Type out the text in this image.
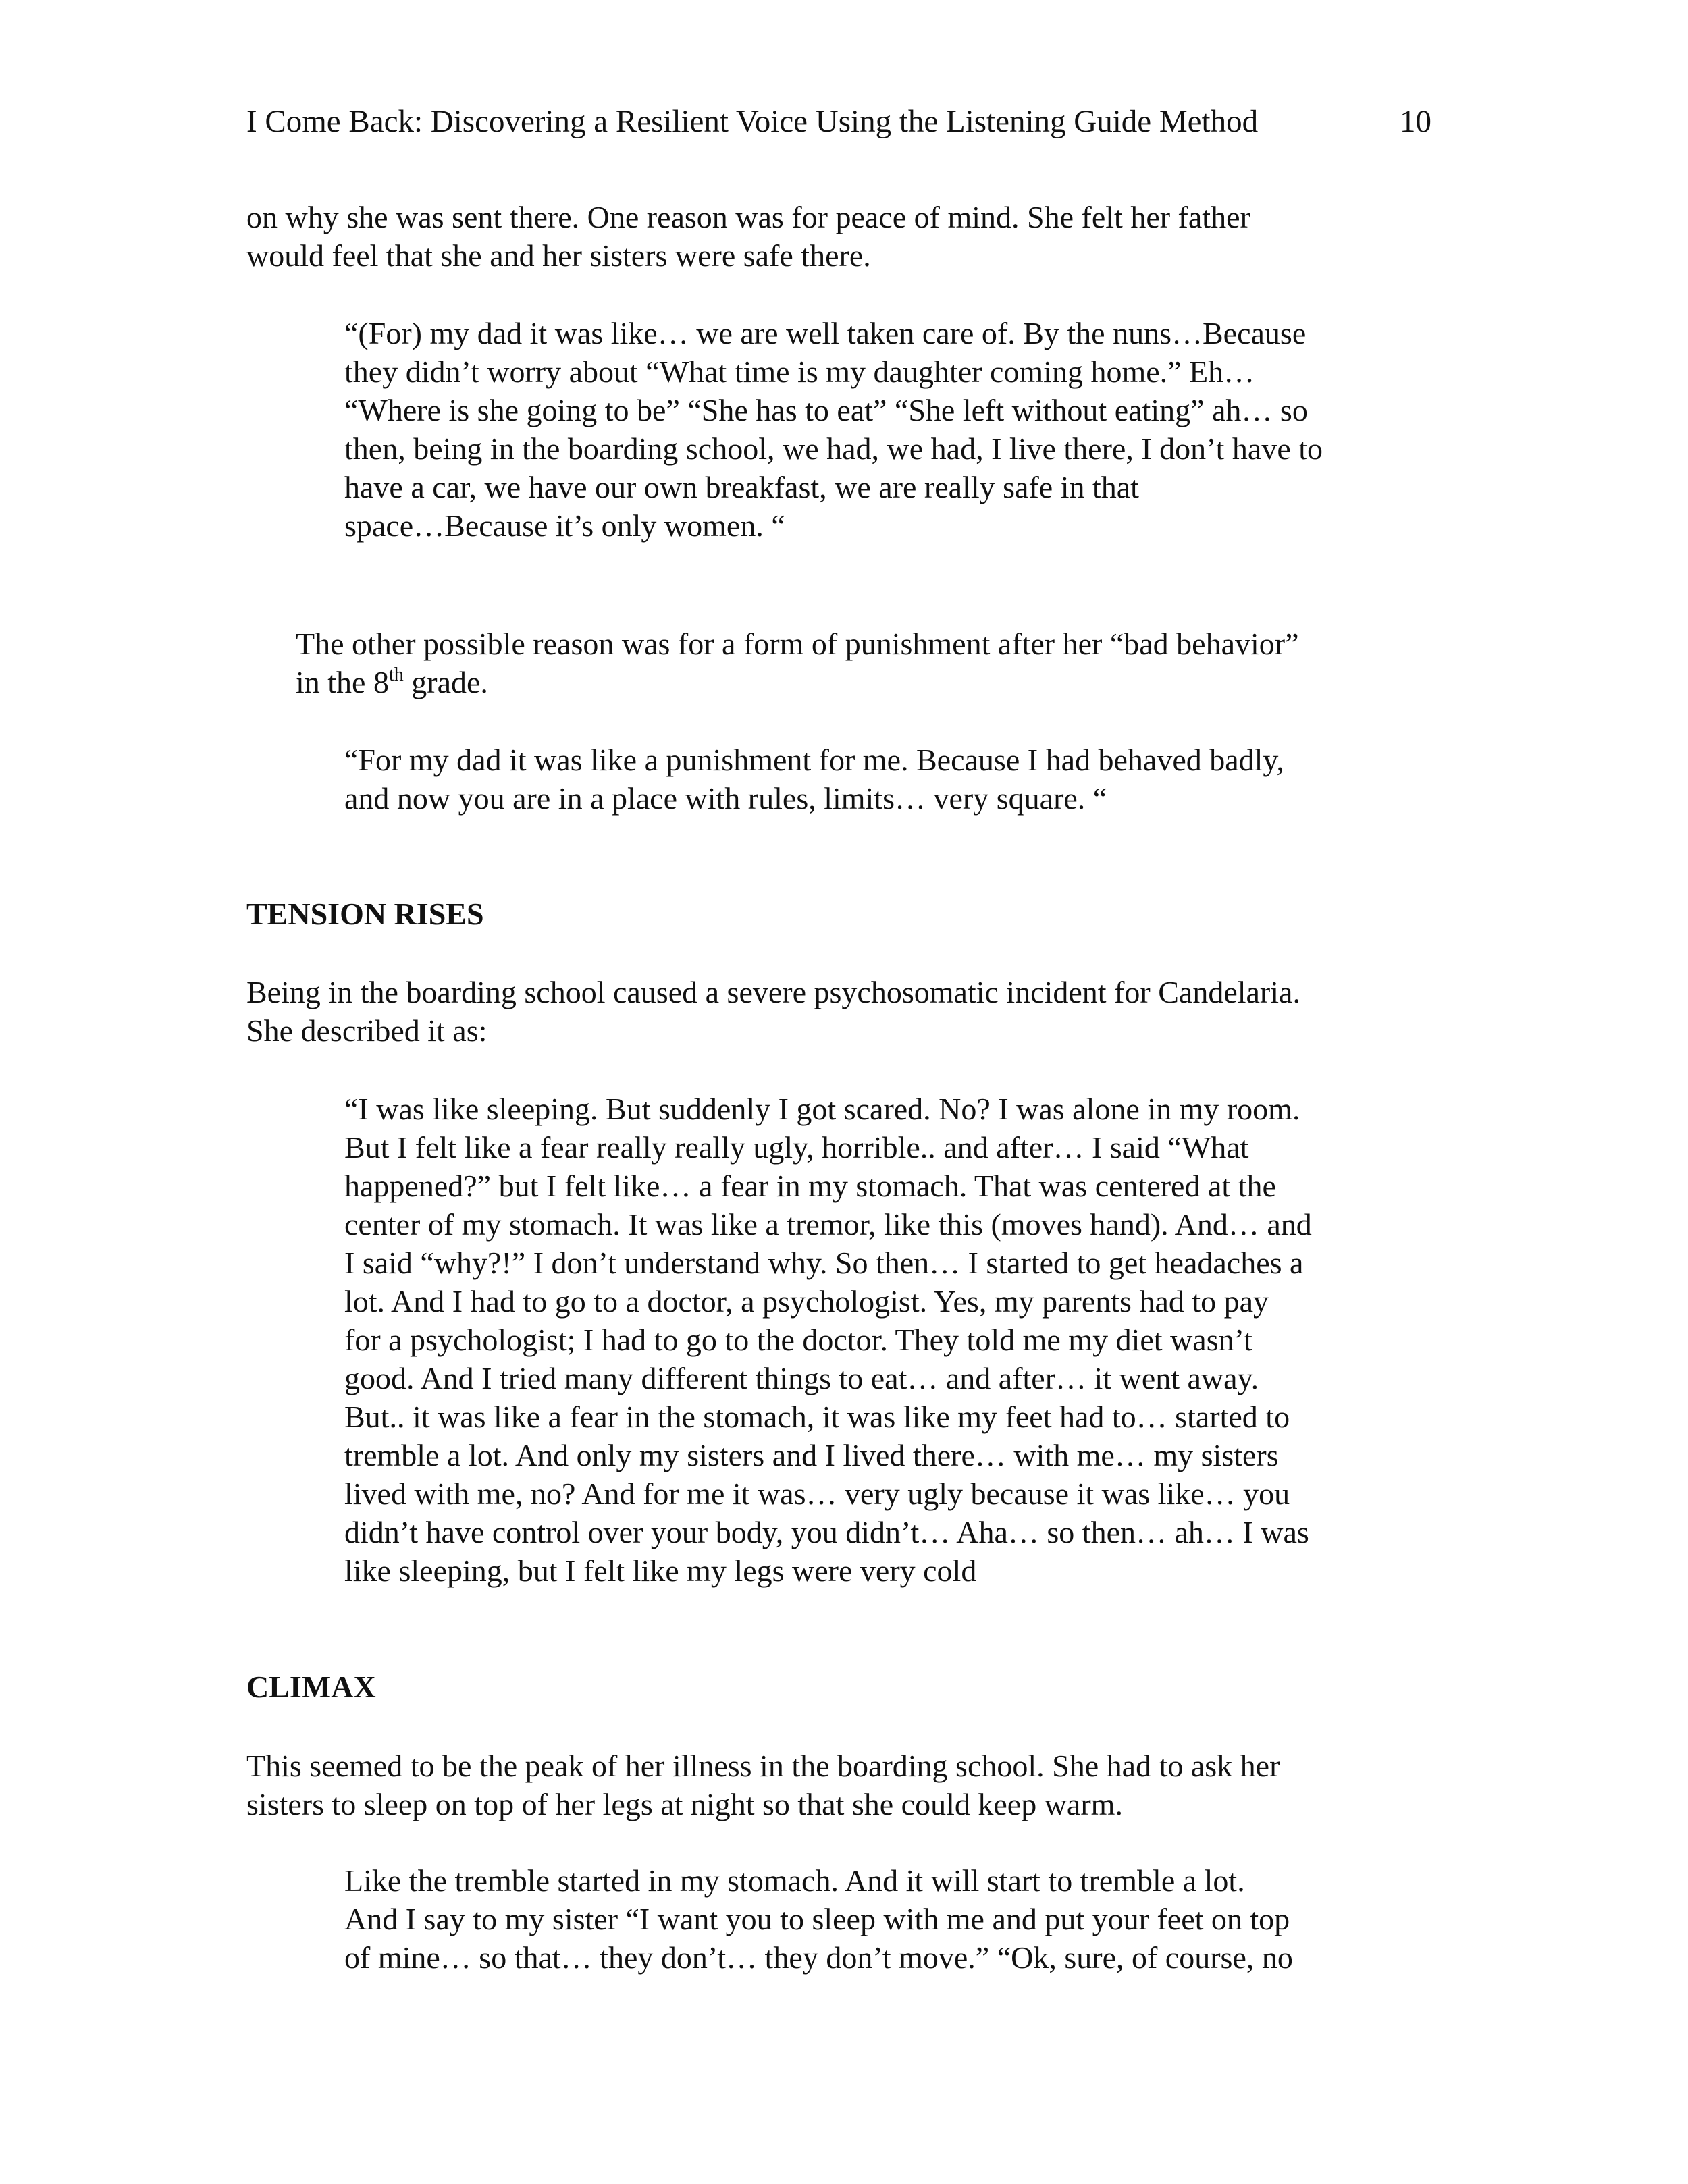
I Come Back: Discovering a Resilient Voice Using the Listening Guide Method	10
on why she was sent there. One reason was for peace of mind. She felt her father
would feel that she and her sisters were safe there.
“(For) my dad it was like… we are well taken care of. By the nuns…Because
they didn’t worry about “What time is my daughter coming home.” Eh…
“Where is she going to be” “She has to eat” “She left without eating” ah… so
then, being in the boarding school, we had, we had, I live there, I don’t have to
have a car, we have our own breakfast, we are really safe in that
space…Because it’s only women. “
The other possible reason was for a form of punishment after her “bad behavior”
in the 8th grade.
“For my dad it was like a punishment for me. Because I had behaved badly,
and now you are in a place with rules, limits… very square. “
TENSION RISES
Being in the boarding school caused a severe psychosomatic incident for Candelaria.
She described it as:
“I was like sleeping. But suddenly I got scared. No? I was alone in my room.
But I felt like a fear really really ugly, horrible.. and after… I said “What
happened?” but I felt like… a fear in my stomach. That was centered at the
center of my stomach. It was like a tremor, like this (moves hand). And… and
I said “why?!” I don’t understand why. So then… I started to get headaches a
lot. And I had to go to a doctor, a psychologist. Yes, my parents had to pay
for a psychologist; I had to go to the doctor. They told me my diet wasn’t
good. And I tried many different things to eat… and after… it went away.
But.. it was like a fear in the stomach, it was like my feet had to… started to
tremble a lot. And only my sisters and I lived there… with me… my sisters
lived with me, no? And for me it was… very ugly because it was like… you
didn’t have control over your body, you didn’t… Aha… so then… ah… I was
like sleeping, but I felt like my legs were very cold
CLIMAX
This seemed to be the peak of her illness in the boarding school. She had to ask her
sisters to sleep on top of her legs at night so that she could keep warm.
Like the tremble started in my stomach. And it will start to tremble a lot.
And I say to my sister “I want you to sleep with me and put your feet on top
of mine… so that… they don’t… they don’t move.” “Ok, sure, of course, no
